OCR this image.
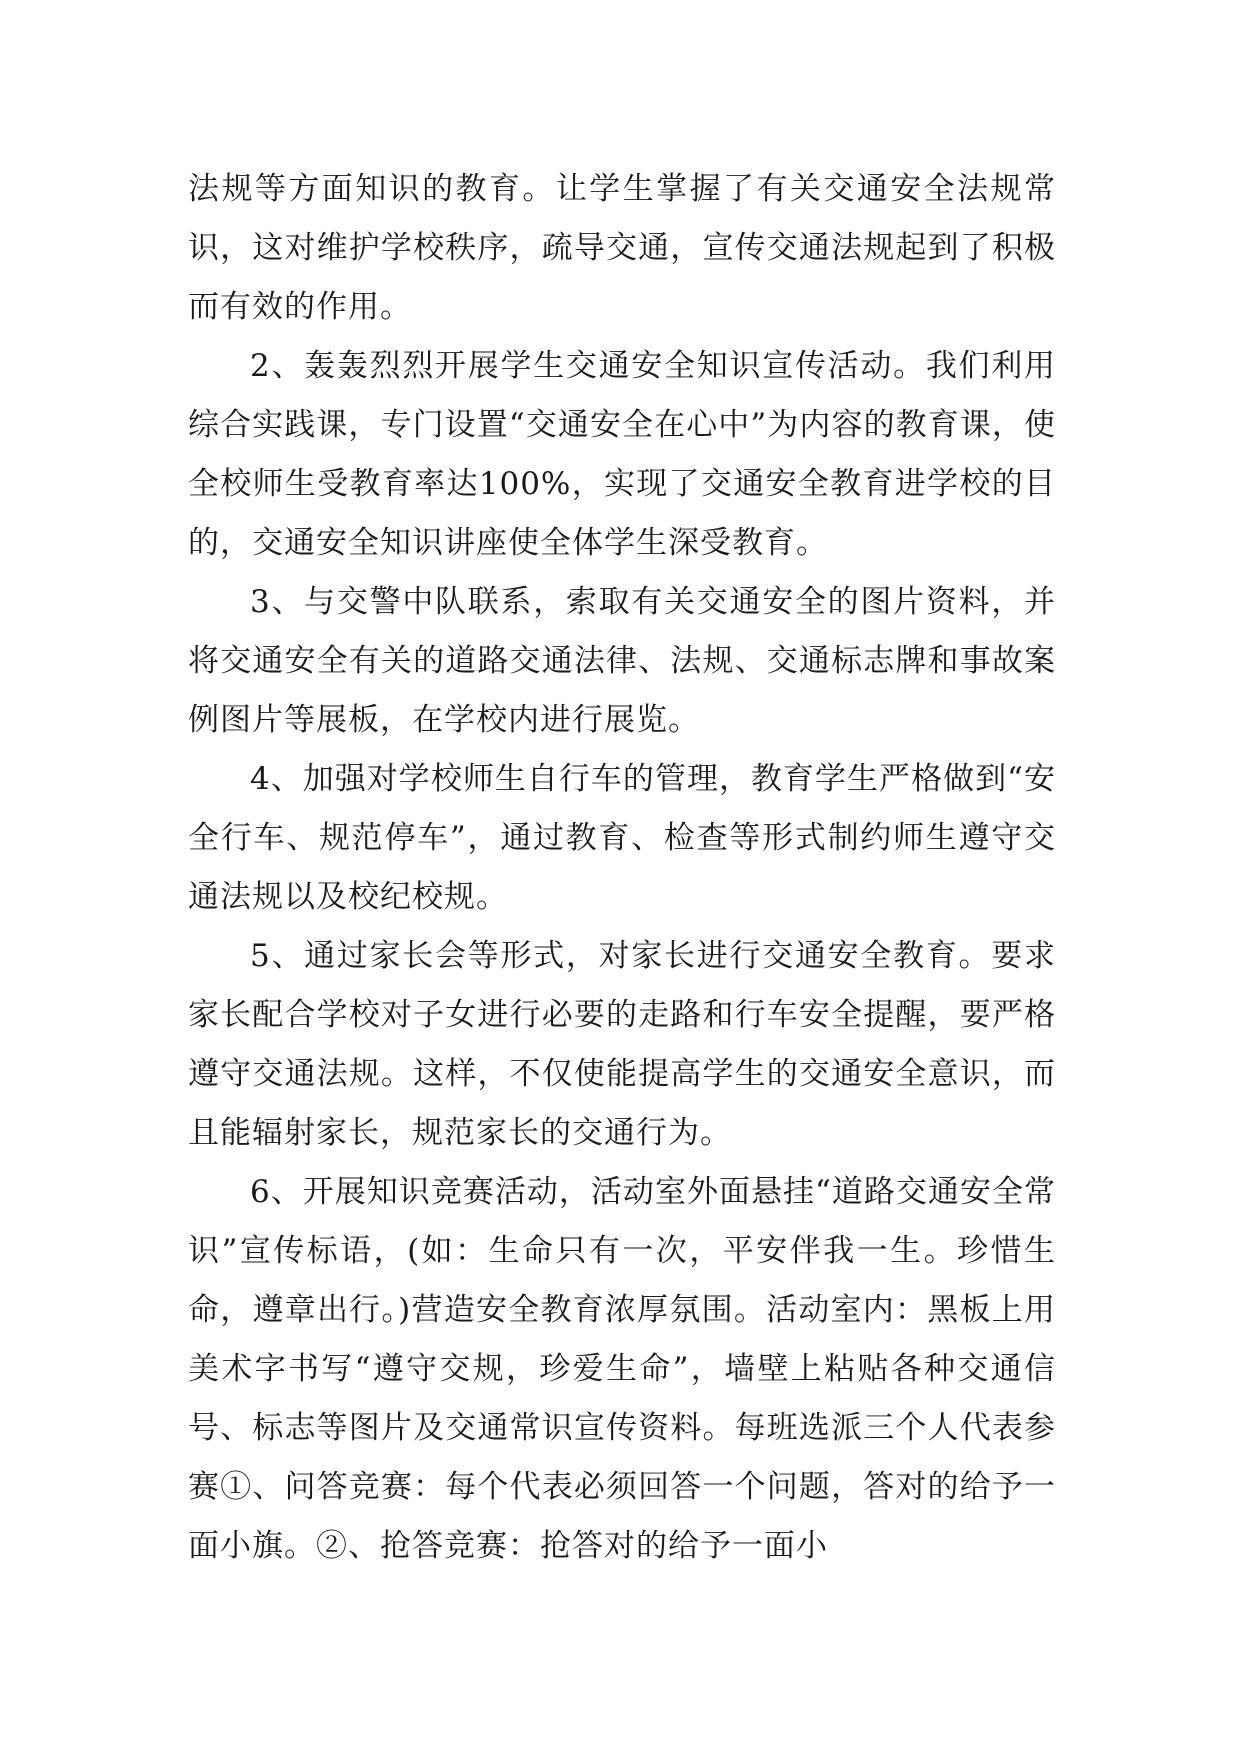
法规等方面知识的教育。让学生掌握了有关交通安全法规常识，这对维护学校秩序，疏导交通，宣传交通法规起到了积极而有效的作用。

2、轰轰烈烈开展学生交通安全知识宣传活动。我们利用综合实践课，专门设置“交通安全在心中”为内容的教育课，使全校师生受教育率达100%，实现了交通安全教育进学校的目的，交通安全知识讲座使全体学生深受教育。

3、与交警中队联系，索取有关交通安全的图片资料，并将交通安全有关的道路交通法律、法规、交通标志牌和事故案例图片等展板，在学校内进行展览。

4、加强对学校师生自行车的管理，教育学生严格做到“安全行车、规范停车”，通过教育、检查等形式制约师生遵守交通法规以及校纪校规。

5、通过家长会等形式，对家长进行交通安全教育。要求家长配合学校对子女进行必要的走路和行车安全提醒，要严格遵守交通法规。这样，不仅使能提高学生的交通安全意识，而且能辐射家长，规范家长的交通行为。

6、开展知识竞赛活动，活动室外面悬挂“道路交通安全常识”宣传标语，(如：生命只有一次，平安伴我一生。珍惜生命，遵章出行。)营造安全教育浓厚氛围。活动室内：黑板上用美术字书写“遵守交规，珍爱生命”，墙壁上粘贴各种交通信号、标志等图片及交通常识宣传资料。每班选派三个人代表参赛①、问答竞赛：每个代表必须回答一个问题，答对的给予一面小旗。②、抢答竞赛：抢答对的给予一面小
